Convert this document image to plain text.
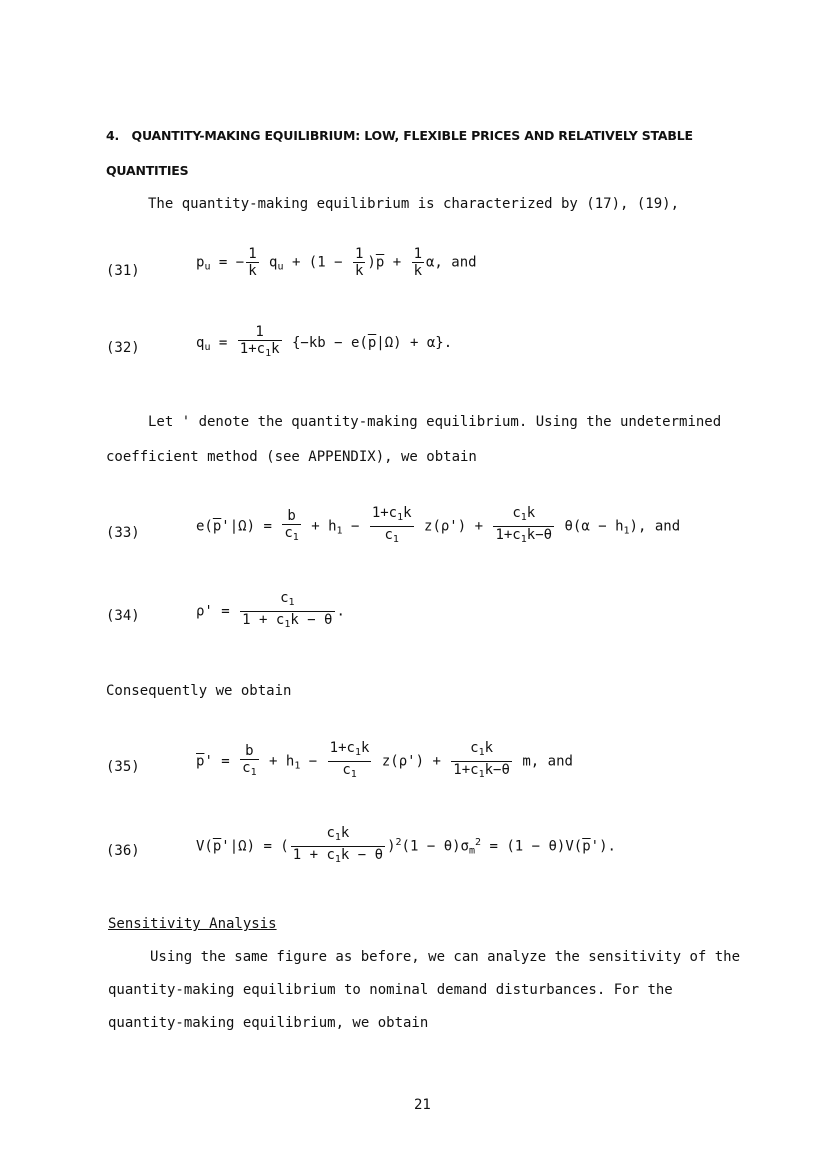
4. QUANTITY-MAKING EQUILIBRIUM: LOW, FLEXIBLE PRICES AND RELATIVELY STABLE
QUANTITIES
The quantity-making equilibrium is characterized by (17), (19),
(31)
$p_u$ = − $\frac{1}{k} q_u + (1 - \frac{1}{k} )\overline{p} + \frac{1}{k} \alpha$, and
(32)	$q_u = \frac{1}{1+c_1k} \{-kb - e(\overline{p}|\Omega) + \alpha\}$.
Let ' denote the quantity-making equilibrium. Using the undetermined
coefficient method (see APPENDIX), we obtain
(33)	$e(\overline{p}'|\Omega) = \frac{b}{c_1} + h_1 - \frac{1+c_1k}{c_1} z(\rho') + \frac{c_1k}{1+c_1k-\theta} \theta(\alpha - h_1)$, and
(34)	$\rho' = \frac{c_1}{1 + c_1k - \theta}$ .
Consequently we obtain
(35)	$\overline{p}' = \frac{b}{c_1} + h_1 - \frac{1+c_1k}{c_1} z(\rho') + \frac{c_1k}{1+c_1k-\theta} m$, and
(36)	$V(\overline{p}'|\Omega)$ = ( $\frac{c_1k}{1 + c_1k - \theta} )^2(1 - \theta)\sigma_m^2 = (1 - \theta)V(\overline{p}')$.
Sensitivity Analysis
Using the same figure as before, we can analyze the sensitivity of the
quantity-making equilibrium to nominal demand disturbances. For the
quantity-making equilibrium, we obtain
21
